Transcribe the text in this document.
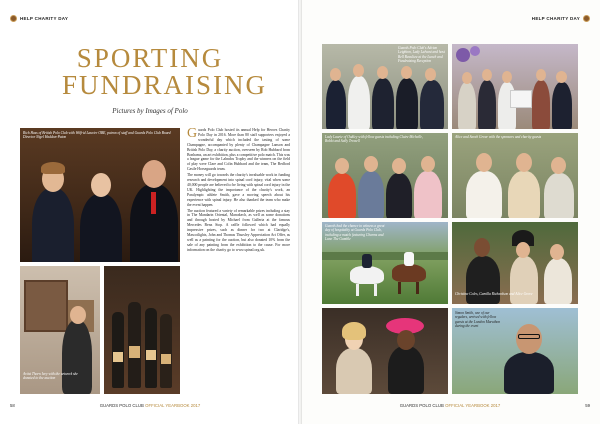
HELP CHARITY DAY
SPORTING
FUNDRAISING
Pictures by Images of Polo
Rich Hass of British Polo Club with Wilfrid Laurier OBE, patron of staff and Guards Polo Club Board Director Nigel Haddon-Paton
Artist Thorn Ivey with the artwork she donated to the auction

Guards Polo Club hosted its annual Help for Heroes Charity Polo Day in 2016. More than 80 staff supporters enjoyed a wonderful day which included the tasting of some Champagne, accompanied by plenty of Champagne Lanson and British Polo Day, a charity auction, overseen by Rob Hubbard from Bonhams, an art exhibition, plus a competitive polo match. This was a league game for the Lahndos Trophy and the winners on the field of play were Clare and Colin Hubbard and the team, The Bedford Castle Horseguards team.

The money will go towards the charity's invaluable work in funding research and development into spinal cord injury, vital when some 40,000 people are believed to be living with spinal cord injury in the UK. Highlighting the importance of the charity's work, an Paralympic athlete Smith, gave a moving speech about his experience with spinal injury. He also thanked the team who make the event happen.

The auction featured a variety of remarkable prizes including a stay in The Mandarin Oriental, Marrakech, as well as some donations and through hosted by Michael from Galleria at the famous Mercedes Benz Stop. A raffle followed which had equally impressive prizes, such as dinner for two at Claridge's, Mascotlights, John and Thomas Thursley Appreciation Art Offer, as well as a painting for the auction, but also donated 10% from the sale of any painting from the exhibition to the cause. For more information on the charity go to www.spinal.org.uk.

58	GUARDS POLO CLUB OFFICIAL YEARBOOK 2017
HELP CHARITY DAY
Guards Polo Club's Adrian Leighton, Lady Lalvani and host Bell Beaulieu at the Lunch and Fundraising Reception
Lady Laurie of Oakley with fellow guests including Claire Michelle, Bobbi and Sally Trowell
Alice and Sarah Grove with the sponsors and charity guests
Guards had the chance to witness a great day of hospitality at Guards Polo Club, including a match featuring Charms and Lane The Gamble
Christine Coles, Camilla Richardson and Alice Grove
Simon Smith, one of our regulars, arrived with fellow guests at the London Marathon during the event
GUARDS POLO CLUB OFFICIAL YEARBOOK 2017	59
